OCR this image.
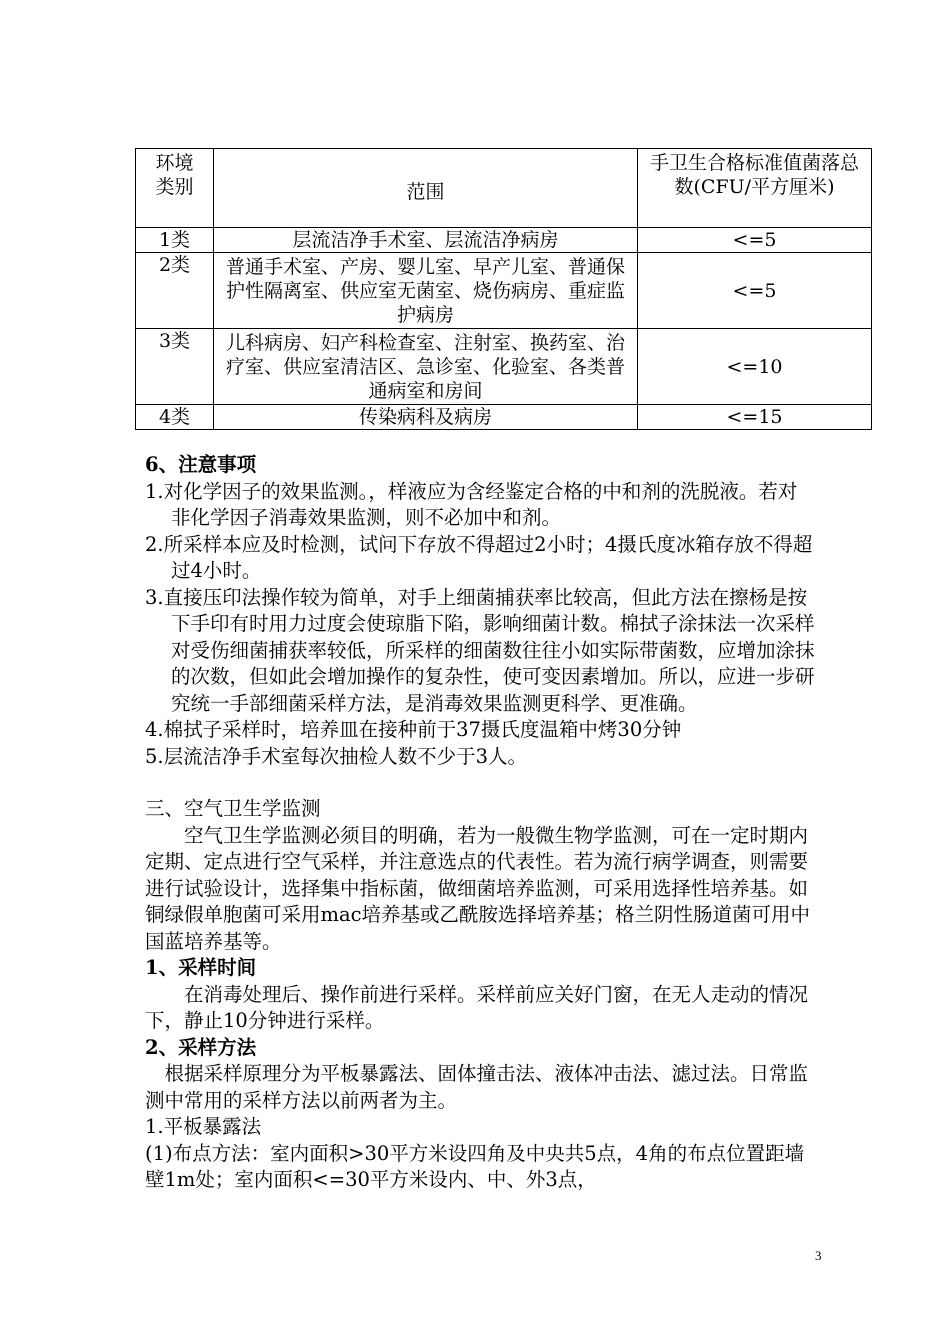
环境
类别	范围	手卫生合格标准值菌落总数(CFU/平方厘米)
1类	层流洁净手术室、层流洁净病房	<=5
2类	普通手术室、产房、婴儿室、早产儿室、普通保护性隔离室、供应室无菌室、烧伤病房、重症监护病房	<=5
3类	儿科病房、妇产科检查室、注射室、换药室、治疗室、供应室清洁区、急诊室、化验室、各类普通病室和房间	<=10
4类	传染病科及病房	<=15

6、注意事项

1.对化学因子的效果监测。，样液应为含经鉴定合格的中和剂的洗脱液。若对非化学因子消毒效果监测，则不必加中和剂。

2.所采样本应及时检测，试问下存放不得超过2小时；4摄氏度冰箱存放不得超过4小时。

3.直接压印法操作较为简单，对手上细菌捕获率比较高，但此方法在擦杨是按下手印有时用力过度会使琼脂下陷，影响细菌计数。棉拭子涂抹法一次采样对受伤细菌捕获率较低，所采样的细菌数往往小如实际带菌数，应增加涂抹的次数，但如此会增加操作的复杂性，使可变因素增加。所以，应进一步研究统一手部细菌采样方法，是消毒效果监测更科学、更准确。

4.棉拭子采样时，培养皿在接种前于37摄氏度温箱中烤30分钟

5.层流洁净手术室每次抽检人数不少于3人。

三、空气卫生学监测

空气卫生学监测必须目的明确，若为一般微生物学监测，可在一定时期内定期、定点进行空气采样，并注意选点的代表性。若为流行病学调查，则需要进行试验设计，选择集中指标菌，做细菌培养监测，可采用选择性培养基。如铜绿假单胞菌可采用mac培养基或乙酰胺选择培养基；格兰阴性肠道菌可用中国蓝培养基等。

1、采样时间

在消毒处理后、操作前进行采样。采样前应关好门窗，在无人走动的情况下，静止10分钟进行采样。

2、采样方法

根据采样原理分为平板暴露法、固体撞击法、液体冲击法、滤过法。日常监测中常用的采样方法以前两者为主。

1.平板暴露法

(1)布点方法：室内面积>30平方米设四角及中央共5点，4角的布点位置距墙壁1m处；室内面积<=30平方米设内、中、外3点，

3
